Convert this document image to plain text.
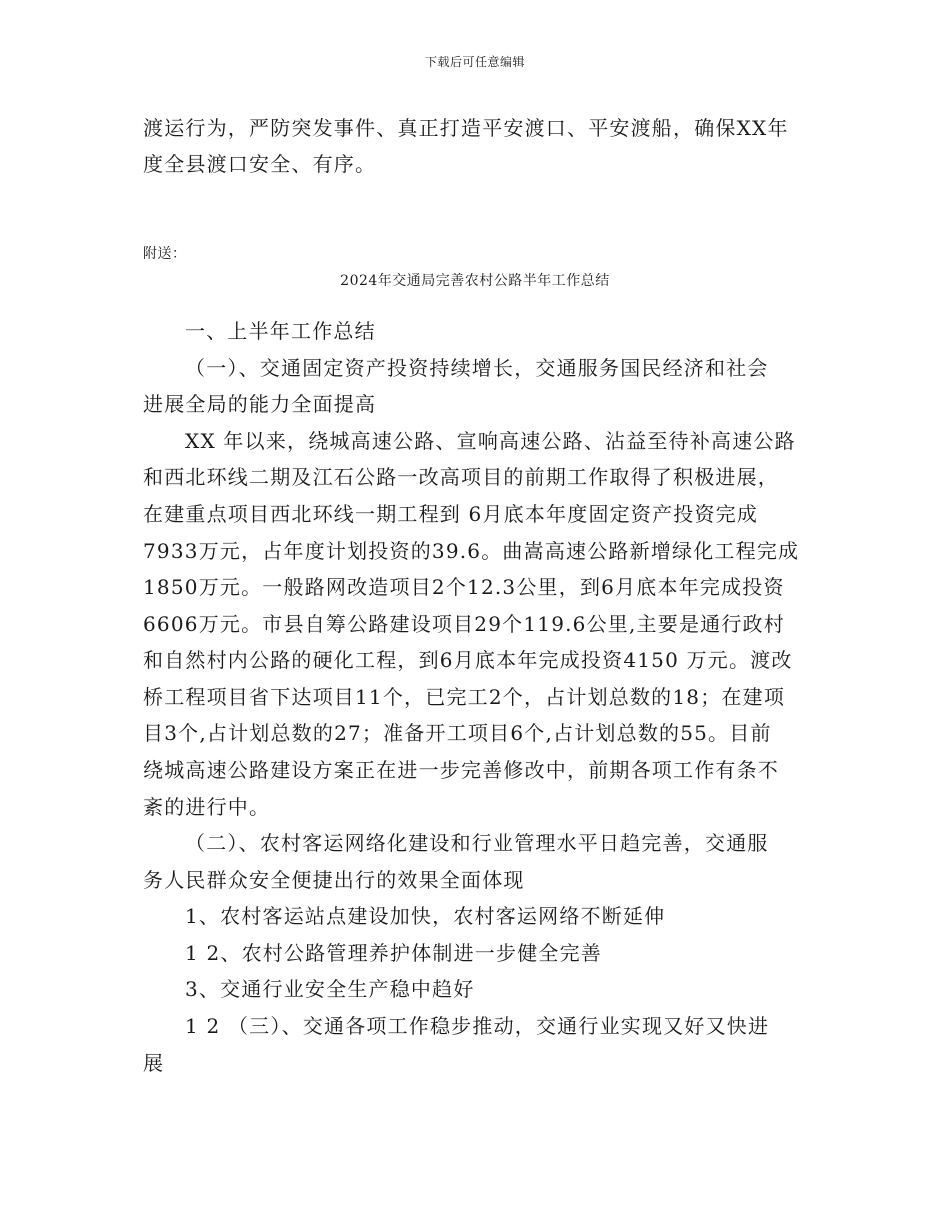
下载后可任意编辑
渡运行为，严防突发事件、真正打造平安渡口、平安渡船，确保XX年
度全县渡口安全、有序。
附送：
2024年交通局完善农村公路半年工作总结
一、上半年工作总结
（一）、交通固定资产投资持续增长，交通服务国民经济和社会
进展全局的能力全面提高
XX 年以来，绕城高速公路、宣响高速公路、沾益至待补高速公路
和西北环线二期及江石公路一改高项目的前期工作取得了积极进展，
在建重点项目西北环线一期工程到 6月底本年度固定资产投资完成
7933万元，占年度计划投资的39.6。曲嵩高速公路新增绿化工程完成
1850万元。一般路网改造项目2个12.3公里，到6月底本年完成投资
6606万元。市县自筹公路建设项目29个119.6公里,主要是通行政村
和自然村内公路的硬化工程，到6月底本年完成投资4150 万元。渡改
桥工程项目省下达项目11个，已完工2个，占计划总数的18；在建项
目3个,占计划总数的27；准备开工项目6个,占计划总数的55。目前
绕城高速公路建设方案正在进一步完善修改中，前期各项工作有条不
紊的进行中。
（二）、农村客运网络化建设和行业管理水平日趋完善，交通服
务人民群众安全便捷出行的效果全面体现
1、农村客运站点建设加快，农村客运网络不断延伸
1 2、农村公路管理养护体制进一步健全完善
3、交通行业安全生产稳中趋好
1 2 （三）、交通各项工作稳步推动，交通行业实现又好又快进
展
